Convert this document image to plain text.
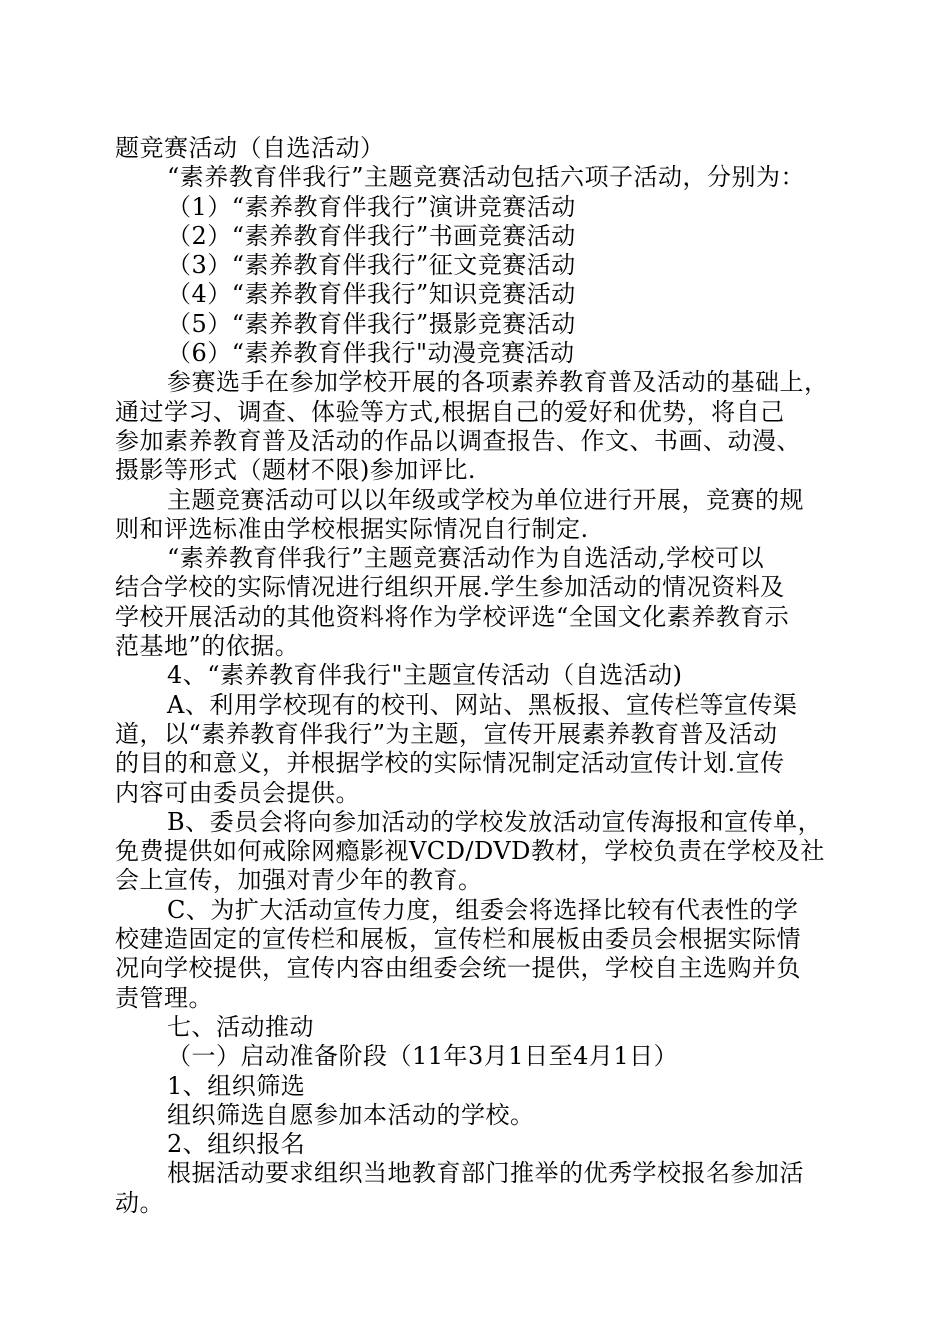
题竞赛活动（自选活动）
“素养教育伴我行”主题竞赛活动包括六项子活动，分别为：
（1）“素养教育伴我行”演讲竞赛活动
（2）“素养教育伴我行”书画竞赛活动
（3）“素养教育伴我行”征文竞赛活动
（4）“素养教育伴我行”知识竞赛活动
（5）“素养教育伴我行”摄影竞赛活动
（6）“素养教育伴我行"动漫竞赛活动
参赛选手在参加学校开展的各项素养教育普及活动的基础上，
通过学习、调查、体验等方式,根据自己的爱好和优势，将自己
参加素养教育普及活动的作品以调查报告、作文、书画、动漫、
摄影等形式（题材不限)参加评比.
主题竞赛活动可以以年级或学校为单位进行开展，竞赛的规
则和评选标准由学校根据实际情况自行制定.
“素养教育伴我行”主题竞赛活动作为自选活动,学校可以
结合学校的实际情况进行组织开展.学生参加活动的情况资料及
学校开展活动的其他资料将作为学校评选“全国文化素养教育示
范基地”的依据。
4、“素养教育伴我行"主题宣传活动（自选活动)
A、利用学校现有的校刊、网站、黑板报、宣传栏等宣传渠
道，以“素养教育伴我行”为主题，宣传开展素养教育普及活动
的目的和意义，并根据学校的实际情况制定活动宣传计划.宣传
内容可由委员会提供。
B、委员会将向参加活动的学校发放活动宣传海报和宣传单，
免费提供如何戒除网瘾影视VCD/DVD教材，学校负责在学校及社
会上宣传，加强对青少年的教育。
C、为扩大活动宣传力度，组委会将选择比较有代表性的学
校建造固定的宣传栏和展板，宣传栏和展板由委员会根据实际情
况向学校提供，宣传内容由组委会统一提供，学校自主选购并负
责管理。
七、活动推动
（一）启动准备阶段（11年3月1日至4月1日）
1、组织筛选
组织筛选自愿参加本活动的学校。
2、组织报名
根据活动要求组织当地教育部门推举的优秀学校报名参加活
动。
